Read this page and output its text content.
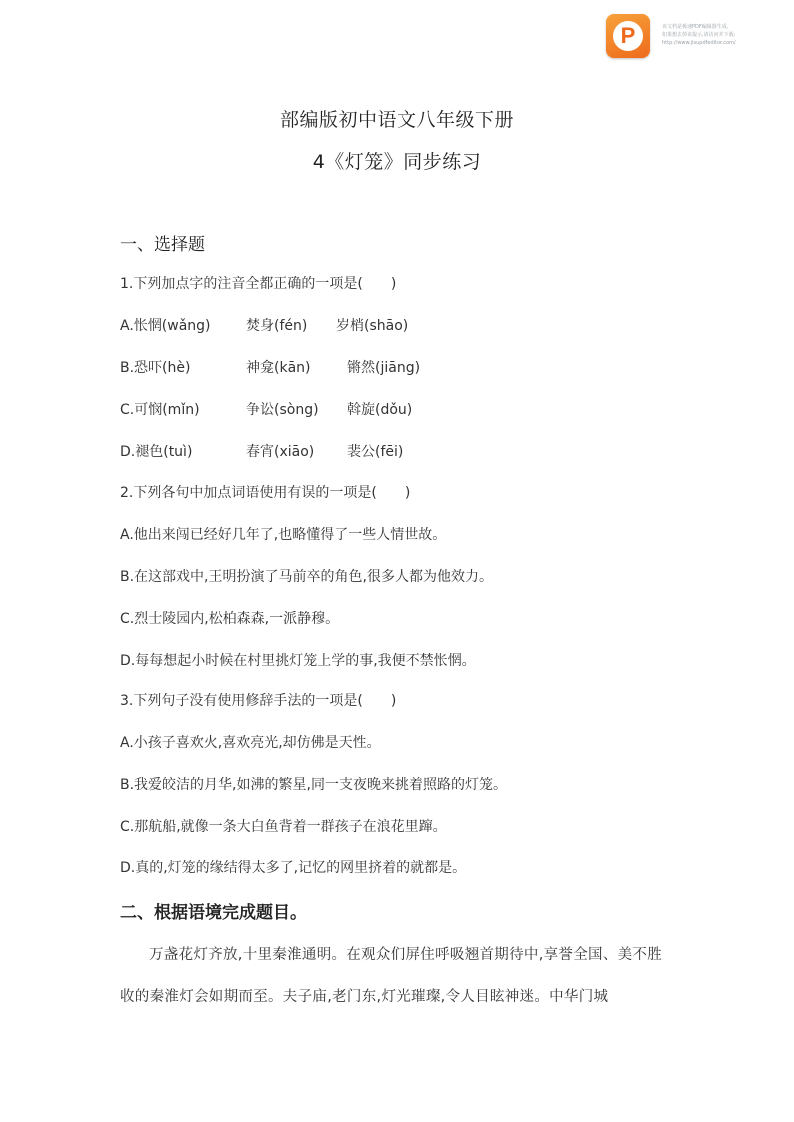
P	该文档是极速PDF编辑器生成,
如果想去掉该提示,请访问并下载:
http://www.jisupdfeditor.com/
部编版初中语文八年级下册
4《灯笼》同步练习
一、选择题
1.下列加点字的注音全都正确的一项是(　　)
A.怅惘(wǎng)	焚身(fén) 岁梢(shāo)
B.恐吓(hè)	神龛(kān)	锵然(jiāng)
C.可悯(mǐn)	争讼(sòng) 斡旋(dǒu)
D.褪色(tuì)	春宵(xiāo) 裴公(fēi)
2.下列各句中加点词语使用有误的一项是(　　)
A.他出来闯已经好几年了,也略懂得了一些人情世故。
B.在这部戏中,王明扮演了马前卒的角色,很多人都为他效力。
C.烈士陵园内,松柏森森,一派静穆。
D.每每想起小时候在村里挑灯笼上学的事,我便不禁怅惘。
3.下列句子没有使用修辞手法的一项是(　　)
A.小孩子喜欢火,喜欢亮光,却仿佛是天性。
B.我爱皎洁的月华,如沸的繁星,同一支夜晚来挑着照路的灯笼。
C.那航船,就像一条大白鱼背着一群孩子在浪花里蹿。
D.真的,灯笼的缘结得太多了,记忆的网里挤着的就都是。
二、根据语境完成题目。
万盏花灯齐放,十里秦淮通明。在观众们屏住呼吸翘首期待中,享誉全国、美不胜收的秦淮灯会如期而至。夫子庙,老门东,灯光璀璨,令人目眩神迷。中华门城
